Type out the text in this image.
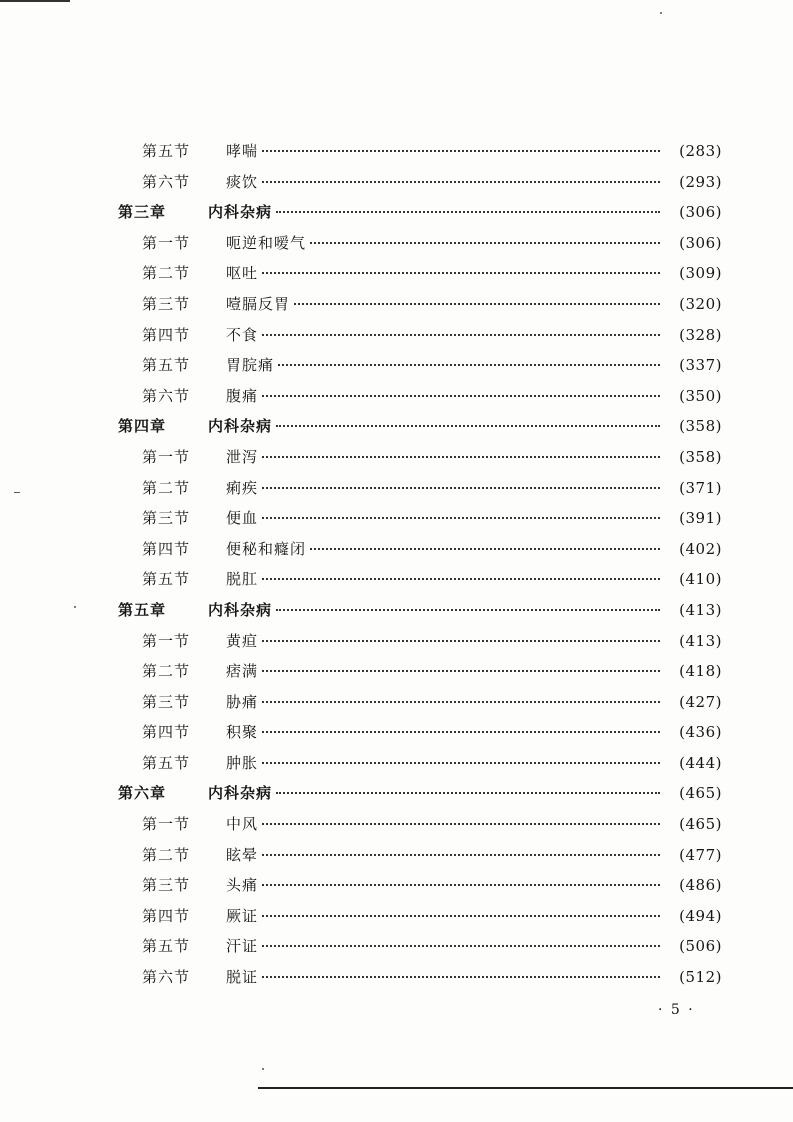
第五节	哮喘	(283)
第六节	痰饮	(293)
第三章	内科杂病	(306)
第一节	呃逆和嗳气	(306)
第二节	呕吐	(309)
第三节	噎膈反胃	(320)
第四节	不食	(328)
第五节	胃脘痛	(337)
第六节	腹痛	(350)
第四章	内科杂病	(358)
第一节	泄泻	(358)
第二节	痢疾	(371)
第三节	便血	(391)
第四节	便秘和癃闭	(402)
第五节	脱肛	(410)
第五章	内科杂病	(413)
第一节	黄疸	(413)
第二节	痞满	(418)
第三节	胁痛	(427)
第四节	积聚	(436)
第五节	肿胀	(444)
第六章	内科杂病	(465)
第一节	中风	(465)
第二节	眩晕	(477)
第三节	头痛	(486)
第四节	厥证	(494)
第五节	汗证	(506)
第六节	脱证	(512)
· 5 ·
